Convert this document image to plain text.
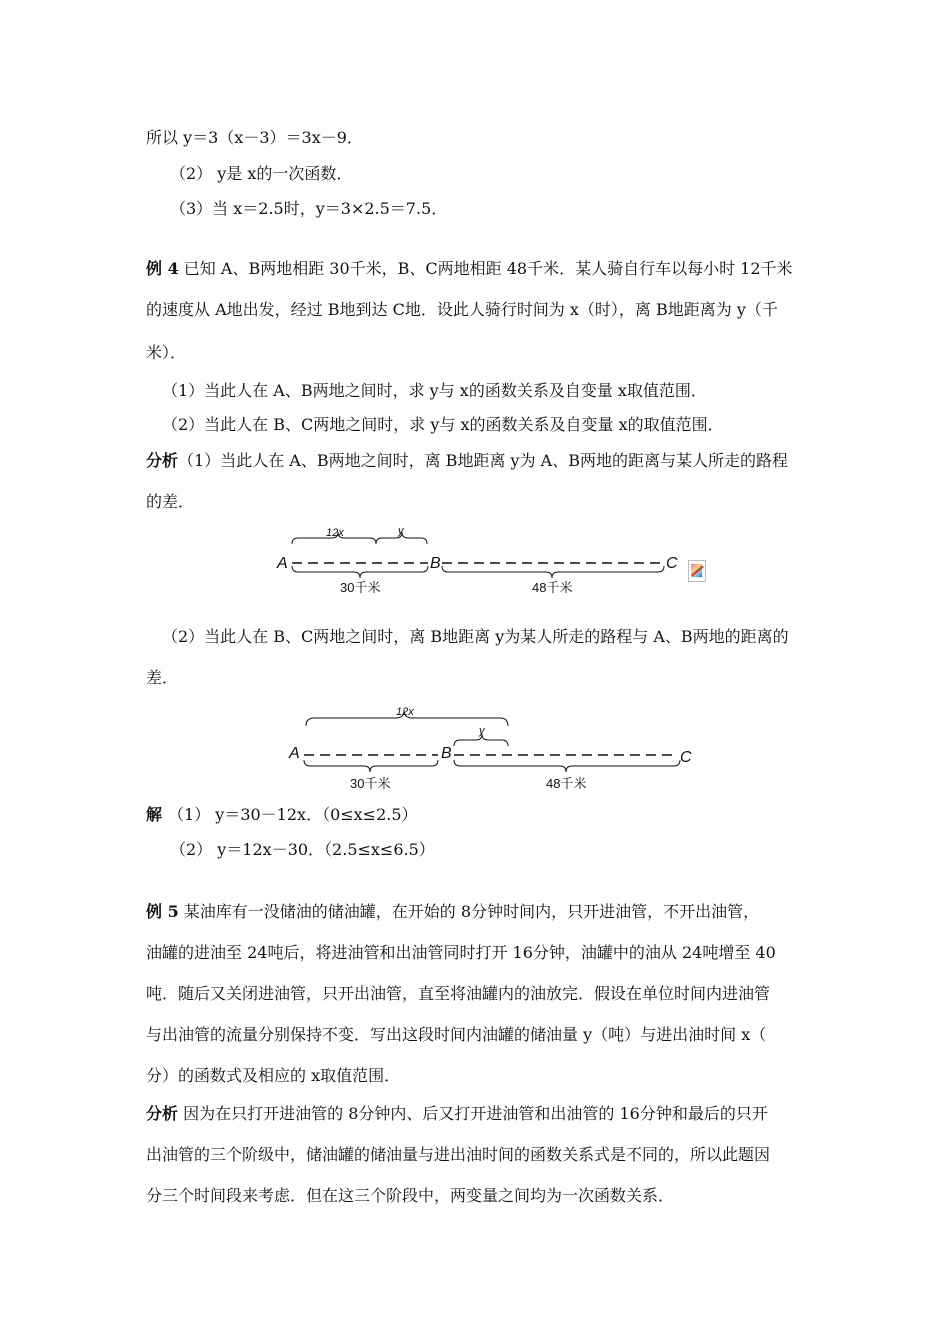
所以 y＝3（x－3）＝3x－9．
（2） y是 x的一次函数．
（3）当 x＝2.5时，y＝3×2.5＝7.5．
例 4 已知 A、B两地相距 30千米，B、C两地相距 48千米．某人骑自行车以每小时 12千米
的速度从 A地出发，经过 B地到达 C地．设此人骑行时间为 x（时），离 B地距离为 y（千
米）．
（1）当此人在 A、B两地之间时，求 y与 x的函数关系及自变量 x取值范围．
（2）当此人在 B、C两地之间时，求 y与 x的函数关系及自变量 x的取值范围．
分析（1）当此人在 A、B两地之间时，离 B地距离 y为 A、B两地的距离与某人所走的路程
的差．
12x	y
A	B	C
30千米	48千米
（2）当此人在 B、C两地之间时，离 B地距离 y为某人所走的路程与 A、B两地的距离的
差．
12x
y
A	B	C
30千米	48千米
解 （1） y＝30－12x．（0≤x≤2.5）
（2） y＝12x－30．（2.5≤x≤6.5）
例 5 某油库有一没储油的储油罐，在开始的 8分钟时间内，只开进油管，不开出油管，
油罐的进油至 24吨后，将进油管和出油管同时打开 16分钟，油罐中的油从 24吨增至 40
吨．随后又关闭进油管，只开出油管，直至将油罐内的油放完．假设在单位时间内进油管
与出油管的流量分别保持不变．写出这段时间内油罐的储油量 y（吨）与进出油时间 x（
分）的函数式及相应的 x取值范围．
分析 因为在只打开进油管的 8分钟内、后又打开进油管和出油管的 16分钟和最后的只开
出油管的三个阶级中，储油罐的储油量与进出油时间的函数关系式是不同的，所以此题因
分三个时间段来考虑．但在这三个阶段中，两变量之间均为一次函数关系．
